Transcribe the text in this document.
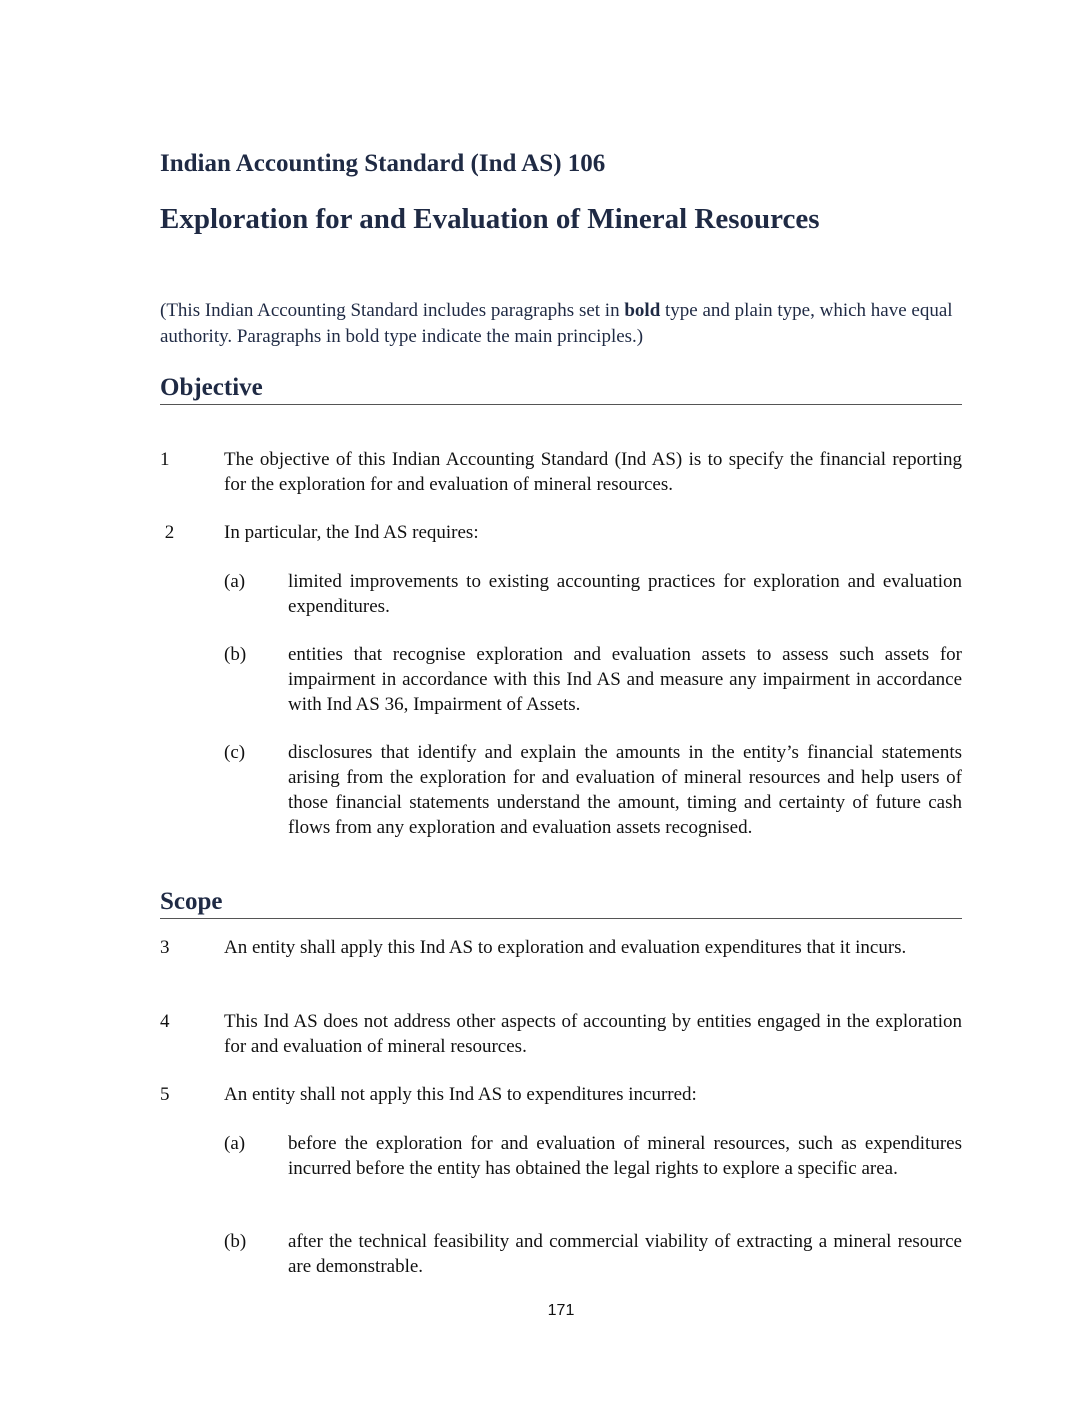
Indian Accounting Standard (Ind AS) 106
Exploration for and Evaluation of Mineral Resources
(This Indian Accounting Standard includes paragraphs set in bold type and plain type, which have equal authority. Paragraphs in bold type indicate the main principles.)
Objective
1	The objective of this Indian Accounting Standard (Ind AS) is to specify the financial reporting for the exploration for and evaluation of mineral resources.
2	In particular, the Ind AS requires:
(a) limited improvements to existing accounting practices for exploration and evaluation expenditures.
(b) entities that recognise exploration and evaluation assets to assess such assets for impairment in accordance with this Ind AS and measure any impairment in accordance with Ind AS 36, Impairment of Assets.
(c) disclosures that identify and explain the amounts in the entity’s financial statements arising from the exploration for and evaluation of mineral resources and help users of those financial statements understand the amount, timing and certainty of future cash flows from any exploration and evaluation assets recognised.
Scope
3	An entity shall apply this Ind AS to exploration and evaluation expenditures that it incurs.
4	This Ind AS does not address other aspects of accounting by entities engaged in the exploration for and evaluation of mineral resources.
5	An entity shall not apply this Ind AS to expenditures incurred:
(a) before the exploration for and evaluation of mineral resources, such as expenditures incurred before the entity has obtained the legal rights to explore a specific area.
(b) after the technical feasibility and commercial viability of extracting a mineral resource are demonstrable.
171
